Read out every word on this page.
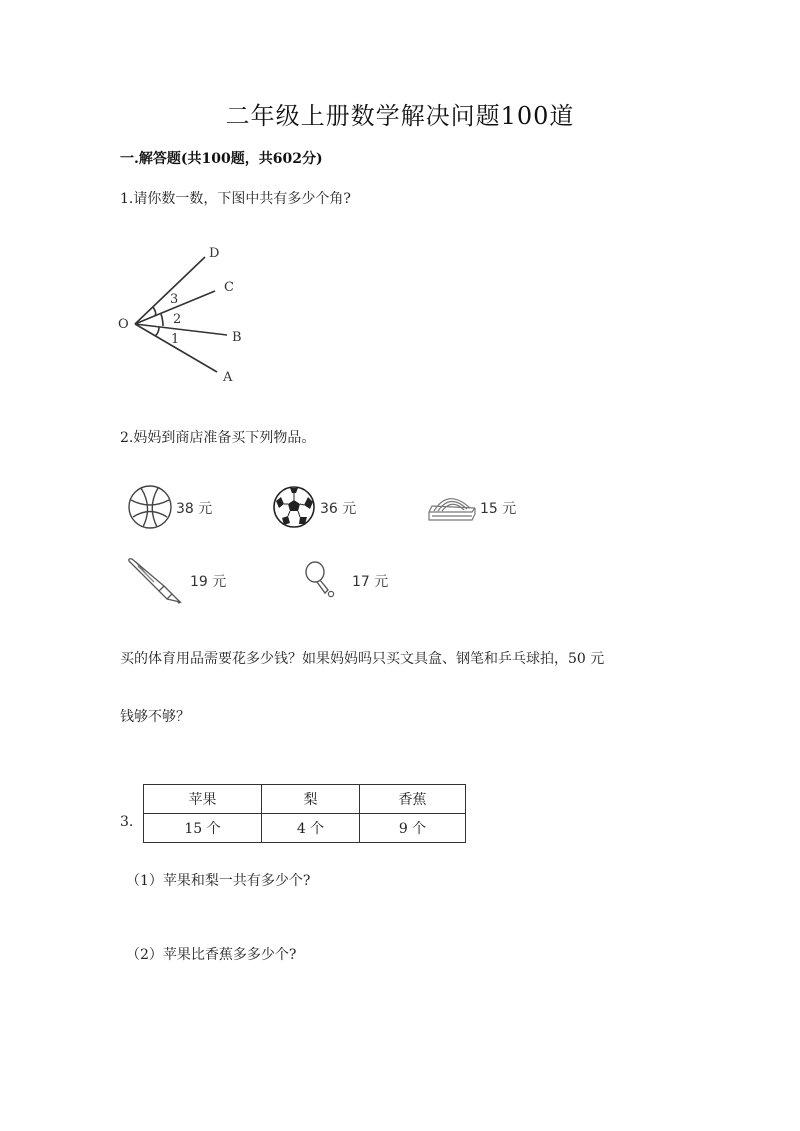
二年级上册数学解决问题100道
一.解答题(共100题，共602分)
1.请你数一数，下图中共有多少个角?
O
D
C
B
A
3
2
1
2.妈妈到商店准备买下列物品。
38 元	36 元	15 元
19 元	17 元
买的体育用品需要花多少钱？如果妈妈吗只买文具盒、钢笔和乒乓球拍，50 元
钱够不够？
3.
苹果	梨	香蕉
15 个	4 个	9 个
（1）苹果和梨一共有多少个?
（2）苹果比香蕉多多少个?
